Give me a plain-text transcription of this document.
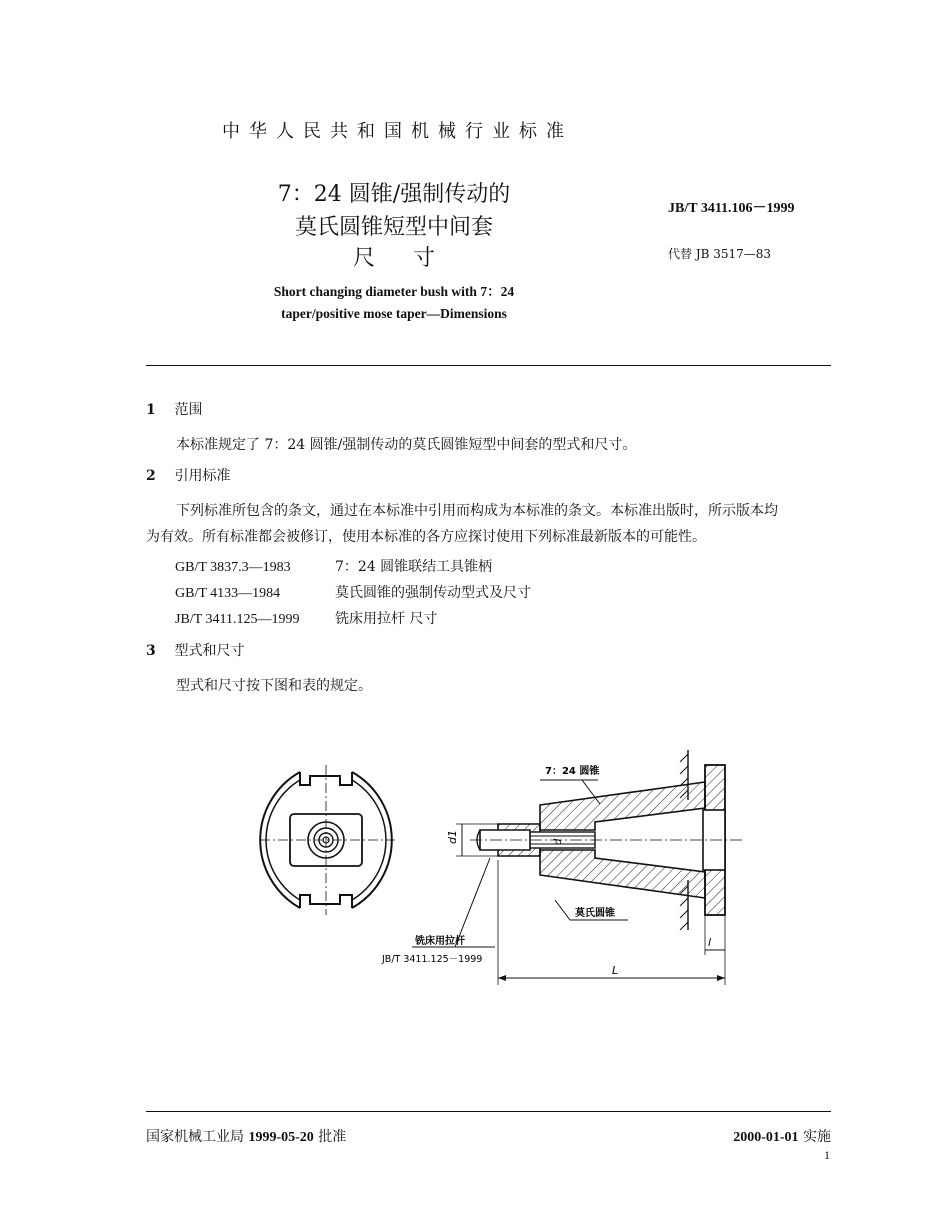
中华人民共和国机械行业标准
7：24 圆锥/强制传动的
莫氏圆锥短型中间套
尺寸
Short changing diameter bush with 7：24
taper/positive mose taper—Dimensions
JB/T 3411.106－1999
代替 JB 3517—83
1 范围
本标准规定了 7：24 圆锥/强制传动的莫氏圆锥短型中间套的型式和尺寸。
2 引用标准
下列标准所包含的条文，通过在本标准中引用而构成为本标准的条文。本标准出版时，所示版本均
为有效。所有标准都会被修订，使用本标准的各方应探讨使用下列标准最新版本的可能性。
GB/T 3837.3—1983	7：24 圆锥联结工具锥柄
GB/T 4133—1984	莫氏圆锥的强制传动型式及尺寸
JB/T 3411.125—1999	铣床用拉杆 尺寸
3 型式和尺寸
型式和尺寸按下图和表的规定。
7：24 圆锥
莫氏圆锥
铣床用拉杆
JB/T 3411.125－1999
d1	d
L
l
国家机械工业局 1999-05-20 批准	2000-01-01 实施
1
